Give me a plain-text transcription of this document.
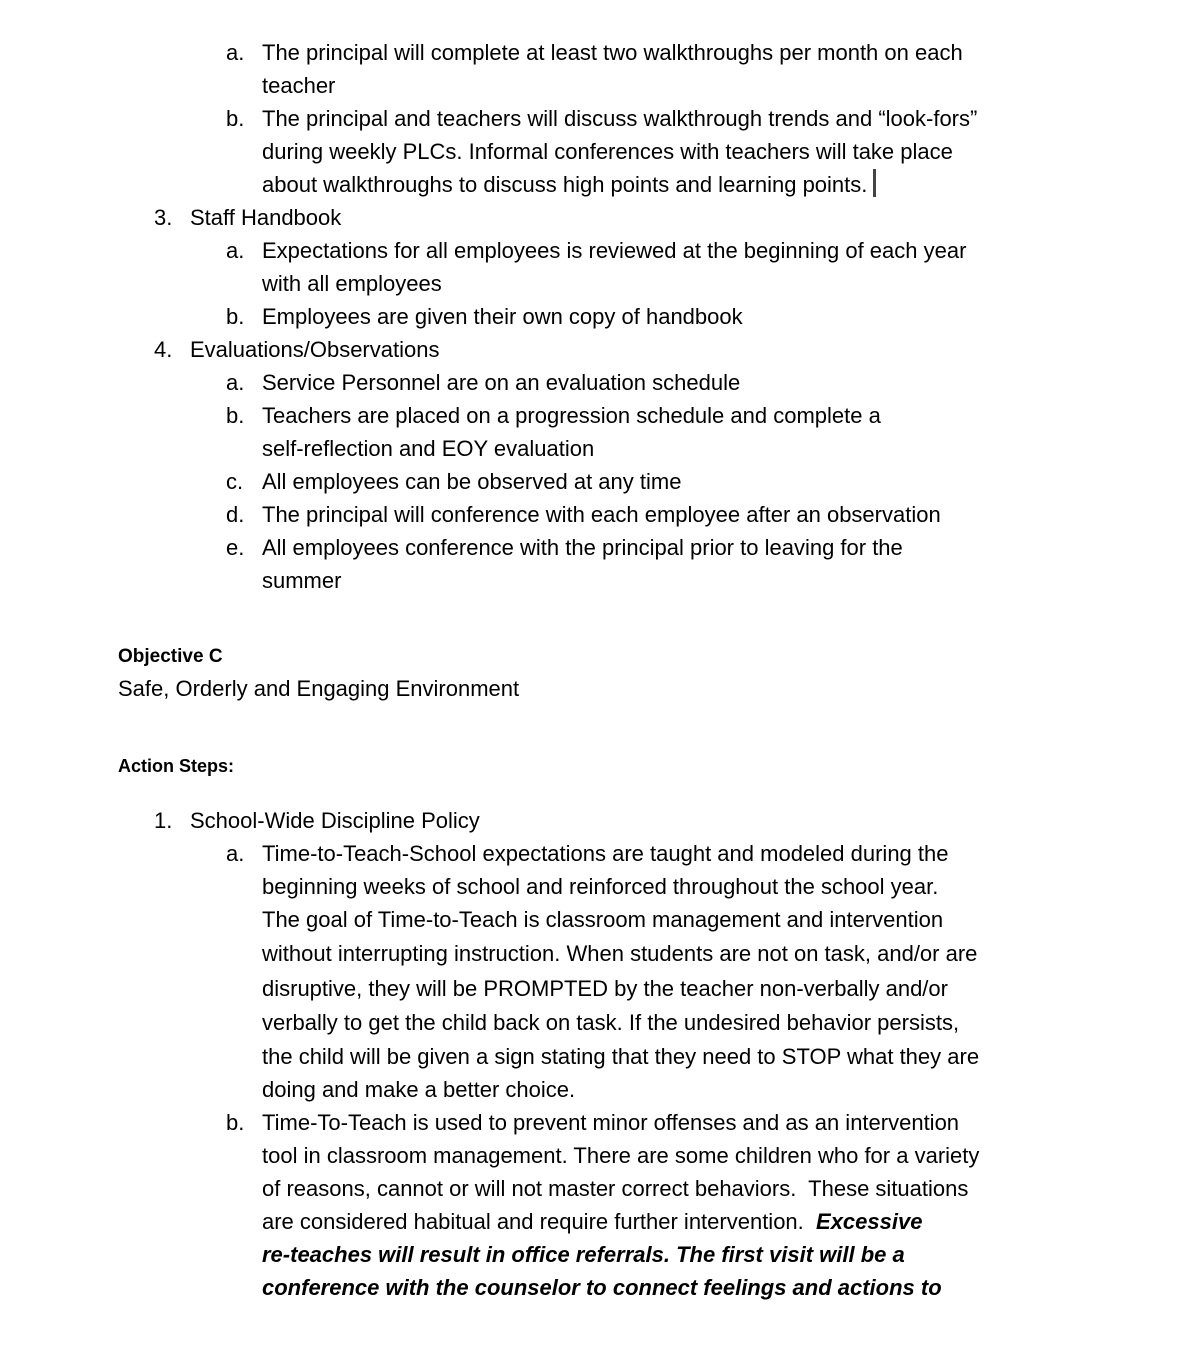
a. The principal will complete at least two walkthroughs per month on each
teacher
b. The principal and teachers will discuss walkthrough trends and “look-fors”
during weekly PLCs. Informal conferences with teachers will take place
about walkthroughs to discuss high points and learning points.
3. Staff Handbook
a. Expectations for all employees is reviewed at the beginning of each year
with all employees
b. Employees are given their own copy of handbook
4. Evaluations/Observations
a. Service Personnel are on an evaluation schedule
b. Teachers are placed on a progression schedule and complete a
self-reflection and EOY evaluation
c. All employees can be observed at any time
d. The principal will conference with each employee after an observation
e. All employees conference with the principal prior to leaving for the
summer
Objective C
Safe, Orderly and Engaging Environment
Action Steps:
1. School-Wide Discipline Policy
a. Time-to-Teach-School expectations are taught and modeled during the
beginning weeks of school and reinforced throughout the school year.
The goal of Time-to-Teach is classroom management and intervention
without interrupting instruction. When students are not on task, and/or are
disruptive, they will be PROMPTED by the teacher non-verbally and/or
verbally to get the child back on task. If the undesired behavior persists,
the child will be given a sign stating that they need to STOP what they are
doing and make a better choice.
b. Time-To-Teach is used to prevent minor offenses and as an intervention
tool in classroom management. There are some children who for a variety
of reasons, cannot or will not master correct behaviors.  These situations
are considered habitual and require further intervention.  Excessive
re-teaches will result in office referrals. The first visit will be a
conference with the counselor to connect feelings and actions to
